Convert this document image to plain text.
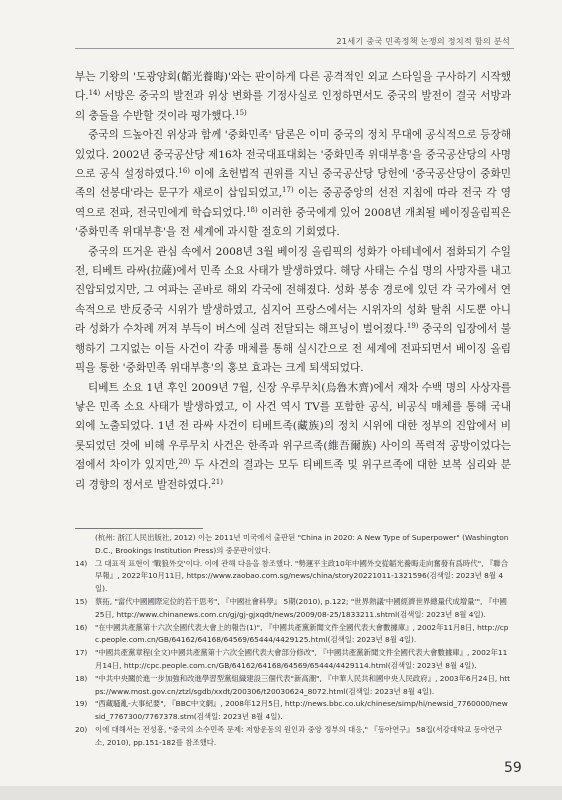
21세기 중국 민족정책 논쟁의 정치적 함의 분석

부는 기왕의 '도광양회(韜光養晦)'와는 판이하게 다른 공격적인 외교 스타일을 구사하기 시작했다.$^{14)}$ 서방은 중국의 발전과 위상 변화를 기정사실로 인정하면서도 중국의 발전이 결국 서방과의 충돌을 수반할 것이라 평가했다.$^{15)}$

중국의 드높아진 위상과 함께 '중화민족' 담론은 이미 중국의 정치 무대에 공식적으로 등장해 있었다. 2002년 중국공산당 제16차 전국대표대회는 '중화민족 위대부흥'을 중국공산당의 사명으로 공식 설정하였다.$^{16)}$ 이에 초헌법적 권위를 지닌 중국공산당 당헌에 '중국공산당이 중화민족의 선봉대'라는 문구가 새로이 삽입되었고,$^{17)}$ 이는 중공중앙의 선전 지침에 따라 전국 각 영역으로 전파, 전국민에게 학습되었다.$^{18)}$ 이러한 중국에게 있어 2008년 개최될 베이징올림픽은 '중화민족 위대부흥'을 전 세계에 과시할 절호의 기회였다.

중국의 뜨거운 관심 속에서 2008년 3월 베이징 올림픽의 성화가 아테네에서 점화되기 수일 전, 티베트 라싸(拉薩)에서 민족 소요 사태가 발생하였다. 해당 사태는 수십 명의 사망자를 내고 진압되었지만, 그 여파는 곧바로 해외 각국에 전해졌다. 성화 봉송 경로에 있던 각 국가에서 연속적으로 반反중국 시위가 발생하였고, 심지어 프랑스에서는 시위자의 성화 탈취 시도뿐 아니라 성화가 수차례 꺼져 부득이 버스에 실려 전달되는 해프닝이 벌어졌다.$^{19)}$ 중국의 입장에서 불행하기 그지없는 이들 사건이 각종 매체를 통해 실시간으로 전 세계에 전파되면서 베이징 올림픽을 통한 '중화민족 위대부흥'의 홍보 효과는 크게 퇴색되었다.

티베트 소요 1년 후인 2009년 7월, 신장 우루무치(烏魯木齊)에서 재차 수백 명의 사상자를 낳은 민족 소요 사태가 발생하였고, 이 사건 역시 TV를 포함한 공식, 비공식 매체를 통해 국내외에 노출되었다. 1년 전 라싸 사건이 티베트족(藏族)의 정치 시위에 대한 정부의 진압에서 비롯되었던 것에 비해 우루무치 사건은 한족과 위구르족(維吾爾族) 사이의 폭력적 공방이었다는 점에서 차이가 있지만,$^{20)}$ 두 사건의 결과는 모두 티베트족 및 위구르족에 대한 보복 심리와 분리 경향의 정서로 발전하였다.$^{21)}$

(杭州: 浙江人民出版社, 2012) 이는 2011년 미국에서 출판된 "China in 2020: A New Type of Superpower" (Washington D.C., Brookings Institution Press)의 중문판이었다.
14)	그 대표적 표현이 '戰狼外交'이다. 이에 관해 다음을 참조했다. "勢運平主政10年中國外交從韜光養晦走向奮發有爲時代", 『聯合早報』, 2022年10月11日, https://www.zaobao.com.sg/news/china/story20221011-1321596(검색일: 2023년 8월 4일).
15)	蔡拓, "當代中國國際定位的若干思考", 『中國社會科學』 5期(2010), p.122; "世界熱議'中國經濟世界總量代成增量'", 『中國25日, http://www.chinanews.com.cn/gj/gj-gjxqdt/news/2009/08-25/1833211.shtml(검색일: 2023년 8월 4일).
16)	"在中國共產黨第十六次全國代表大會上的報告(1)", 『中國共產黨新聞文件全國代表大會數據庫』, 2002年11月8日, http://cpc.people.com.cn/GB/64162/64168/64569/65444/4429125.html(검색일: 2023년 8월 4일).
17)	"中國共產黨章程(全文)中國共產黨第十六次全國代表大會部分修改", 『中國共產黨新聞文件全國代表大會數據庫』, 2002年11月14日, http://cpc.people.com.cn/GB/64162/64168/64569/65444/4429114.html(검색일: 2023년 8월 4일).
18)	"中共中央關於進一步加強和改進學習型黨組織建設三個代表"新高潮", 『中華人民共和國中央人民政府』, 2003年6月24日, https://www.most.gov.cn/ztzl/sgdb/xxdt/200306/t20030624_8072.html(검색일: 2023년 8월 4일).
19)	"西藏騷亂-大事紀要", 『BBC中文網』, 2008年12月5日, http://news.bbc.co.uk/chinese/simp/hi/newsid_7760000/newsid_7767300/7767378.stm(검색일: 2023년 8월 4일).
20)	이에 대해서는 전성흥, "중국의 소수민족 문제: 저항운동의 원인과 중앙 정부의 대응," 『동아연구』 58집(서강대학교 동아연구소, 2010), pp.151-182를 참조했다.
59
